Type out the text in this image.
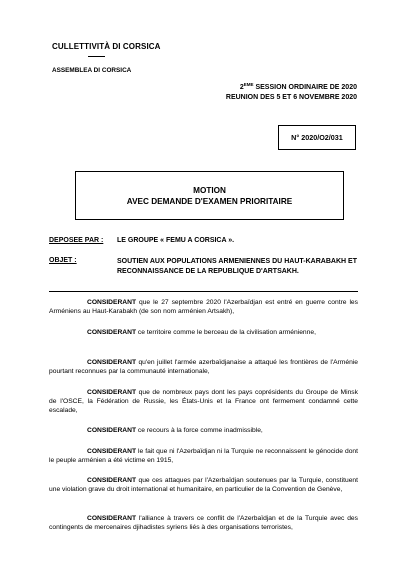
CULLETTIVITÀ DI CORSICA
ASSEMBLEA DI CORSICA
2EME SESSION ORDINAIRE DE 2020
REUNION DES 5 ET 6 NOVEMBRE 2020
N° 2020/O2/031
MOTION
AVEC DEMANDE D'EXAMEN PRIORITAIRE
DEPOSEE PAR : LE GROUPE « FEMU A CORSICA ».
OBJET :	SOUTIEN AUX POPULATIONS ARMENIENNES DU HAUT-KARABAKH ET RECONNAISSANCE DE LA REPUBLIQUE D'ARTSAKH.
CONSIDERANT que le 27 septembre 2020 l'Azerbaïdjan est entré en guerre contre les Arméniens au Haut-Karabakh (de son nom arménien Artsakh),
CONSIDERANT ce territoire comme le berceau de la civilisation arménienne,
CONSIDERANT qu'en juillet l'armée azerbaïdjanaise a attaqué les frontières de l'Arménie pourtant reconnues par la communauté internationale,
CONSIDERANT que de nombreux pays dont les pays coprésidents du Groupe de Minsk de l'OSCE, la Fédération de Russie, les États-Unis et la France ont fermement condamné cette escalade,
CONSIDERANT ce recours à la force comme inadmissible,
CONSIDERANT le fait que ni l'Azerbaïdjan ni la Turquie ne reconnaissent le génocide dont le peuple arménien a été victime en 1915,
CONSIDERANT que ces attaques par l'Azerbaïdjan soutenues par la Turquie, constituent une violation grave du droit international et humanitaire, en particulier de la Convention de Genève,
CONSIDERANT l'alliance à travers ce conflit de l'Azerbaïdjan et de la Turquie avec des contingents de mercenaires djihadistes syriens liés à des organisations terroristes,
